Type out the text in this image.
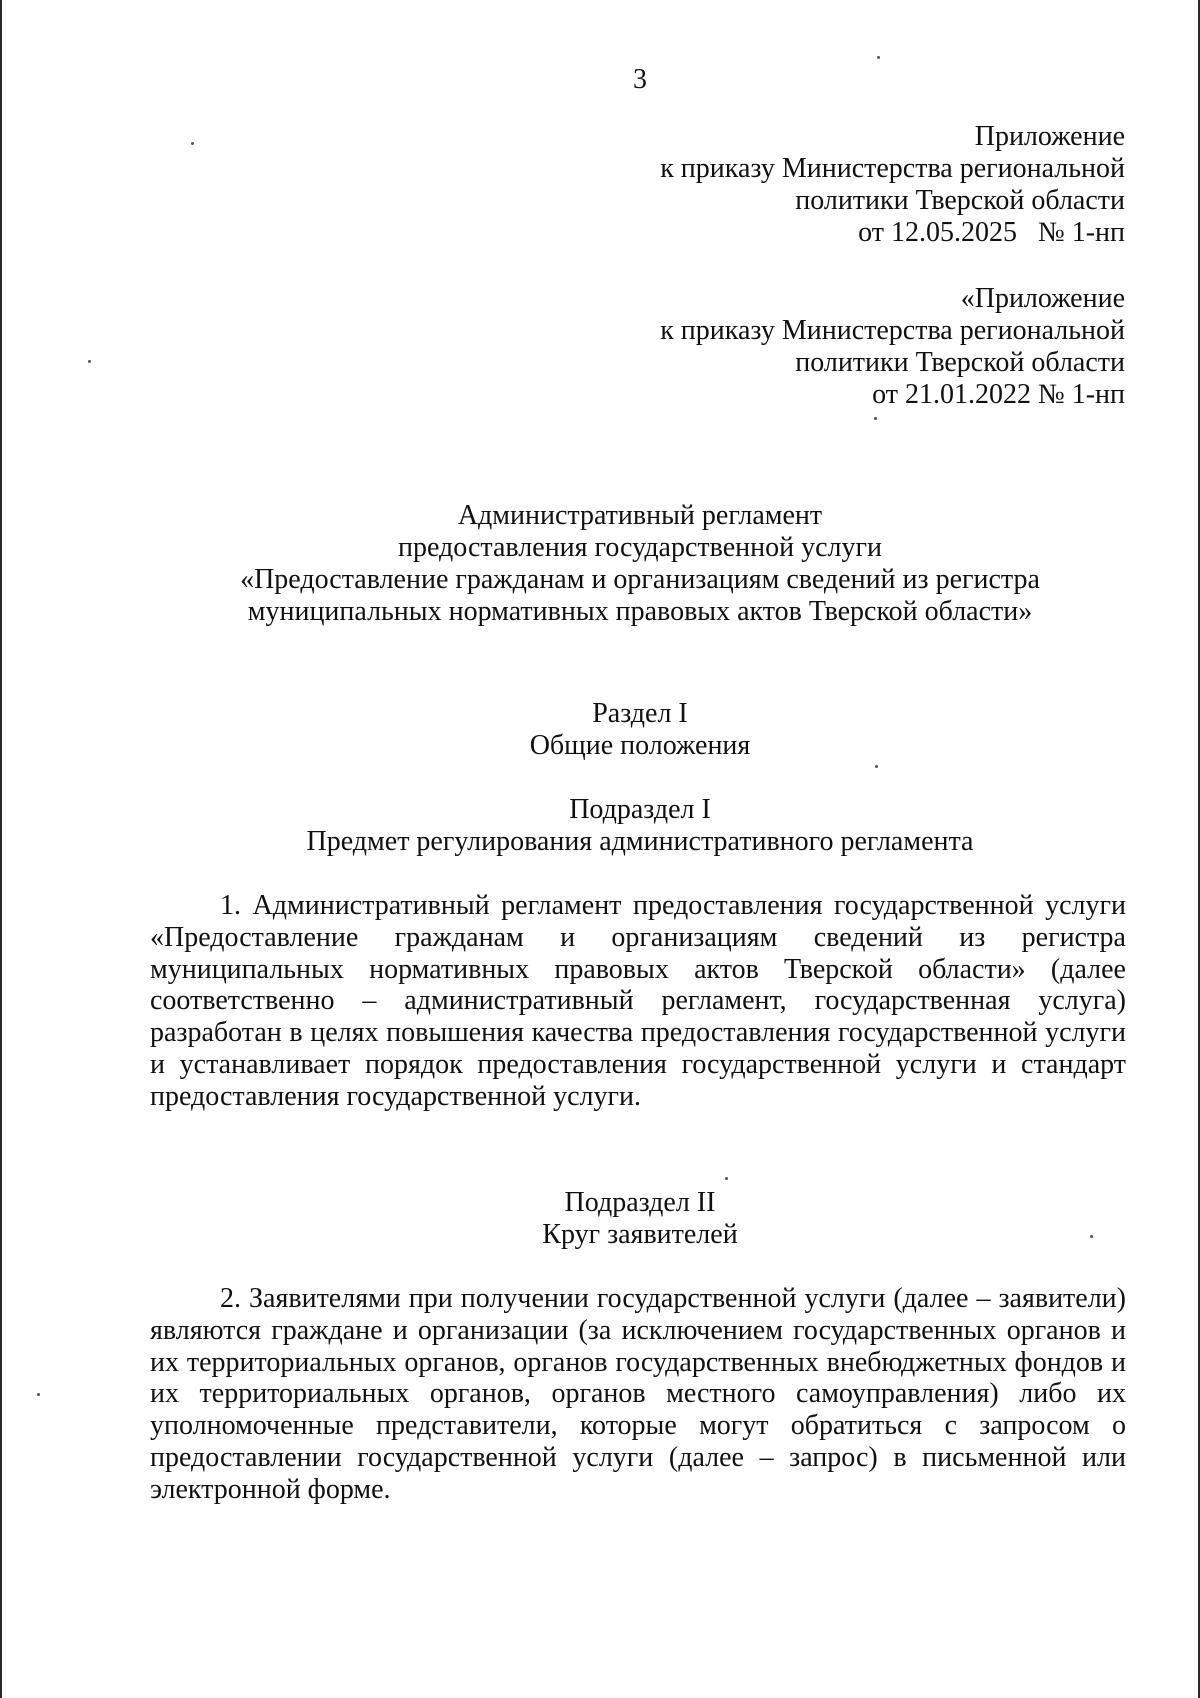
3
Приложение
к приказу Министерства региональной
политики Тверской области
от 12.05.2025   № 1-нп
«Приложение
к приказу Министерства региональной
политики Тверской области
от 21.01.2022 № 1-нп
Административный регламент
предоставления государственной услуги
«Предоставление гражданам и организациям сведений из регистра
муниципальных нормативных правовых актов Тверской области»
Раздел I
Общие положения
Подраздел I
Предмет регулирования административного регламента
1. Административный регламент предоставления государственной услуги «Предоставление гражданам и организациям сведений из регистра муниципальных нормативных правовых актов Тверской области» (далее соответственно – административный регламент, государственная услуга) разработан в целях повышения качества предоставления государственной услуги и устанавливает порядок предоставления государственной услуги и стандарт предоставления государственной услуги.
Подраздел II
Круг заявителей
2. Заявителями при получении государственной услуги (далее – заявители) являются граждане и организации (за исключением государственных органов и их территориальных органов, органов государственных внебюджетных фондов и их территориальных органов, органов местного самоуправления) либо их уполномоченные представители, которые могут обратиться с запросом о предоставлении государственной услуги (далее – запрос) в письменной или электронной форме.
